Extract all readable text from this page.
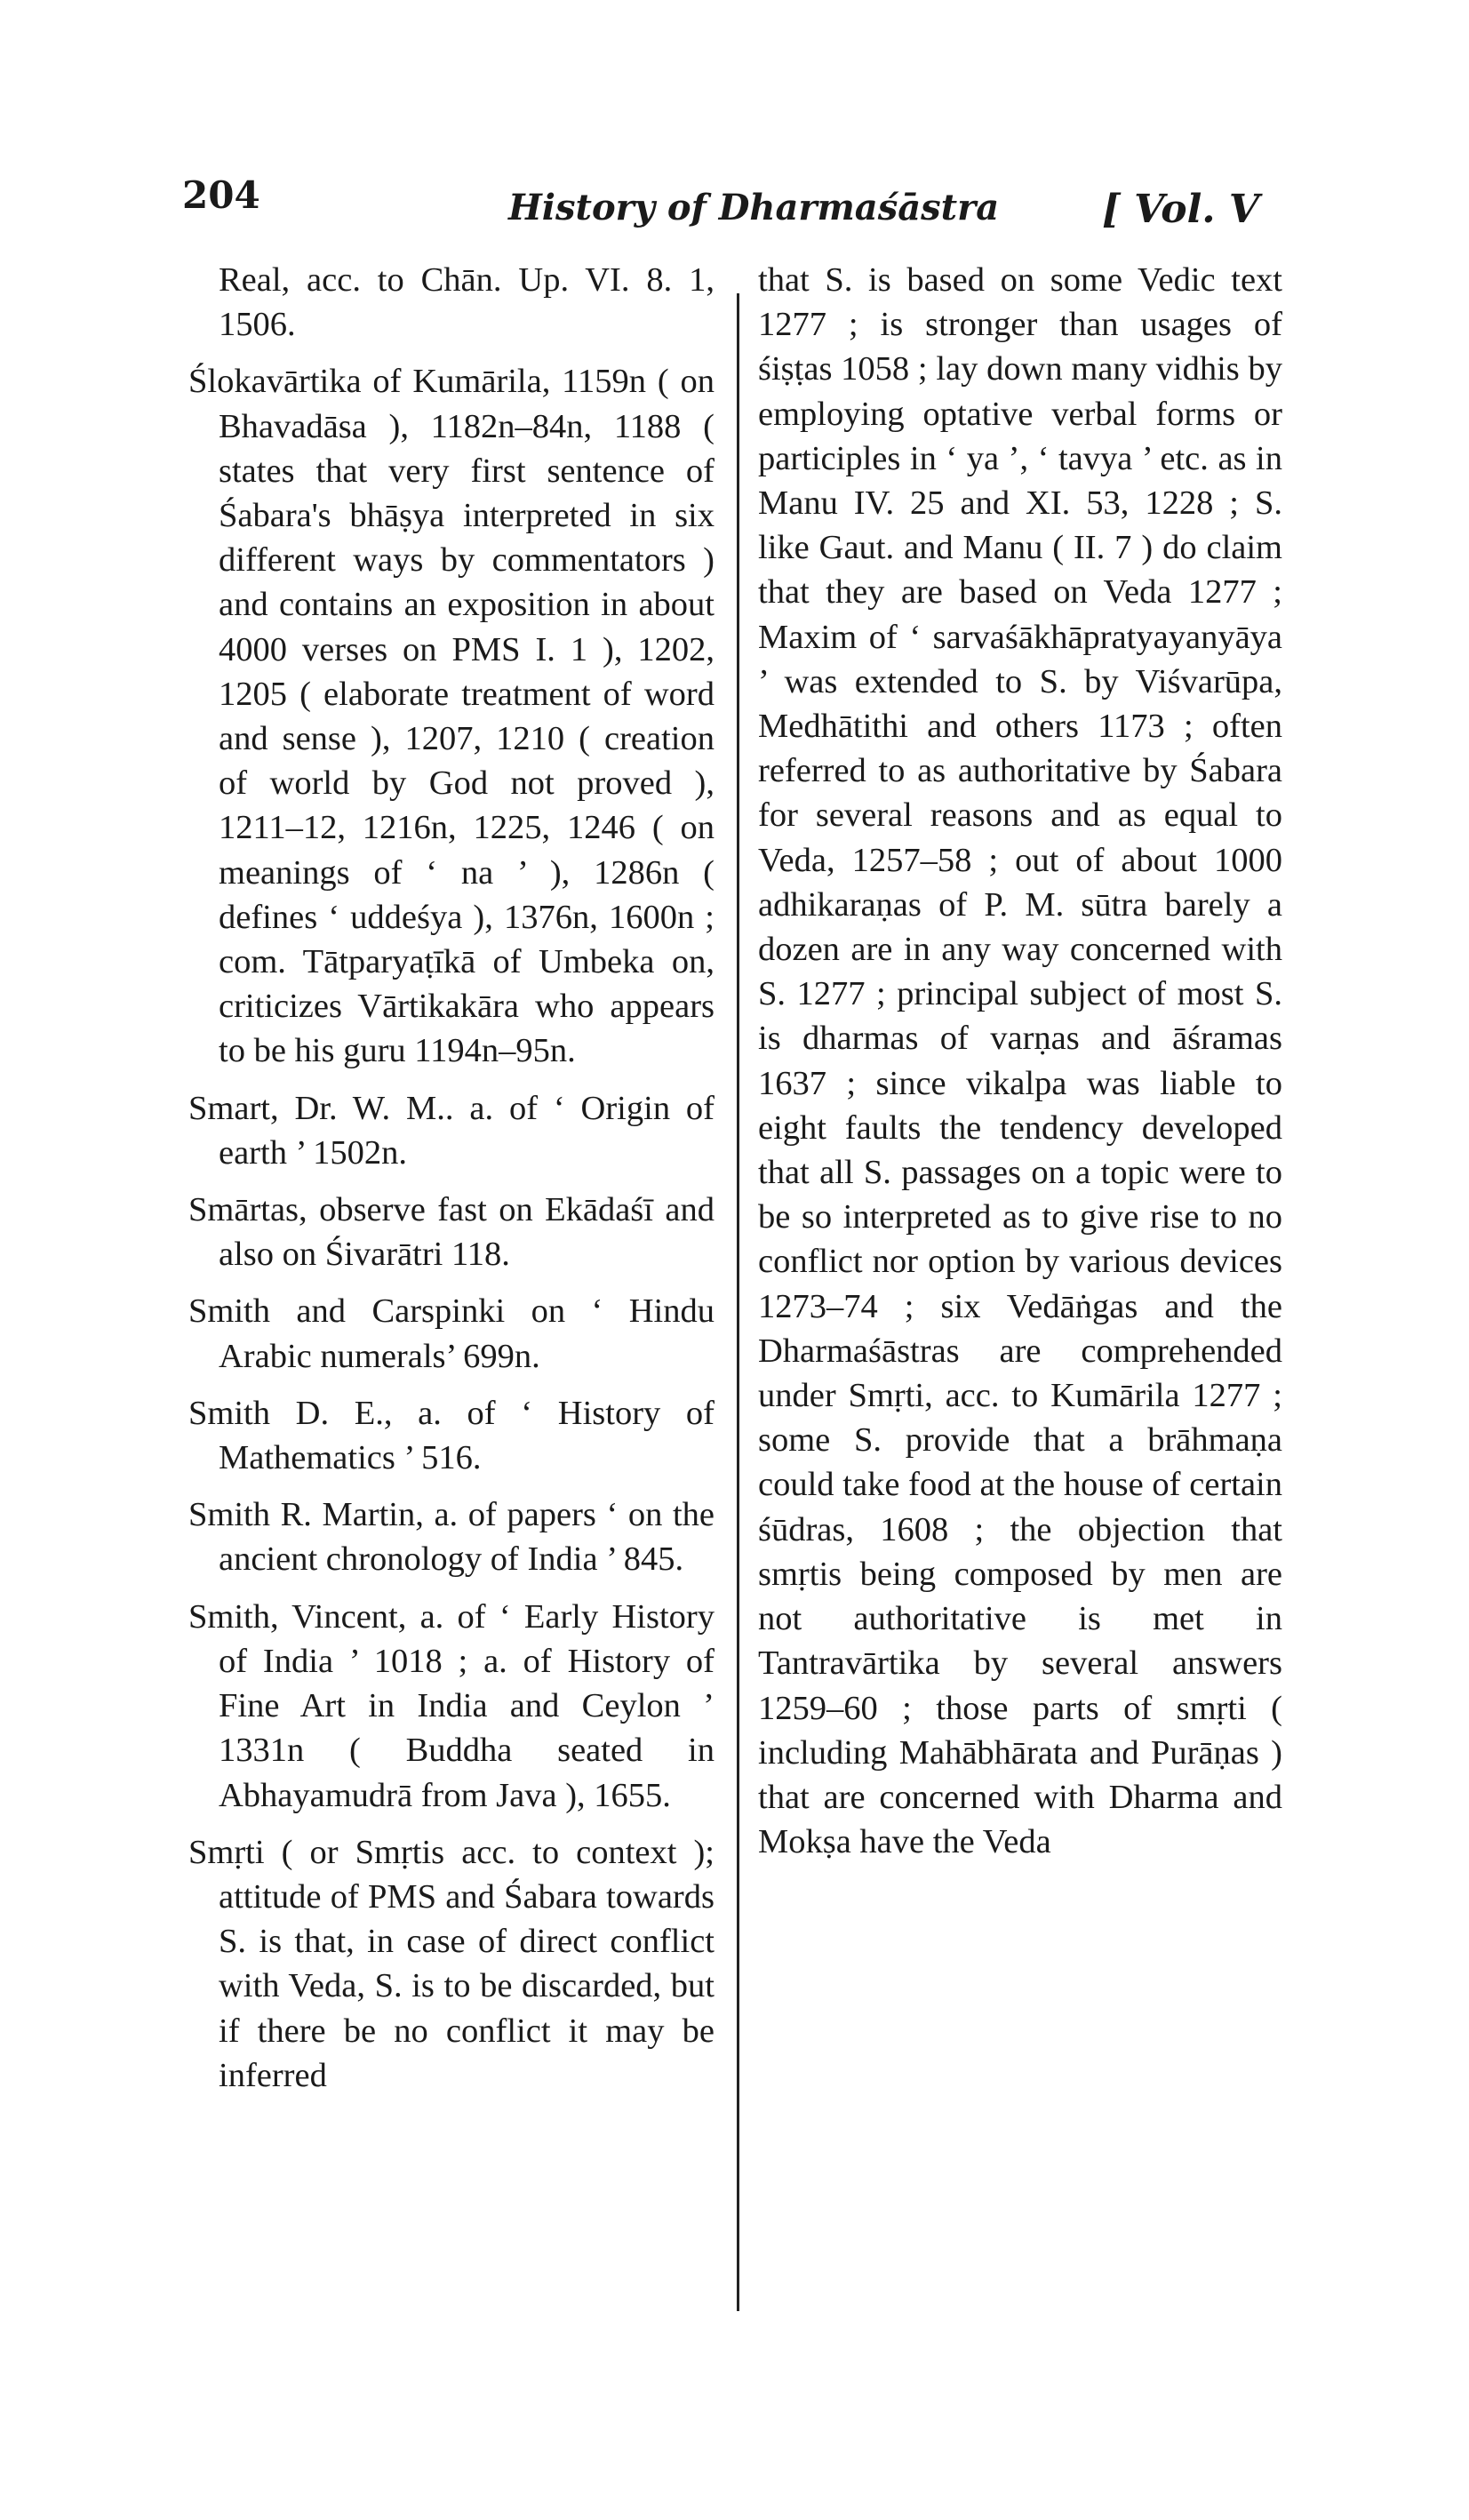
204	History of Dharmaśāstra	[ Vol. V

Real, acc. to Chān. Up. VI. 8. 1, 1506.

Ślokavārtika of Kumārila, 1159n ( on Bhavadāsa ), 1182n–84n, 1188 ( states that very first sentence of Śabara's bhāṣya interpreted in six different ways by commentators ) and contains an exposition in about 4000 verses on PMS I. 1 ), 1202, 1205 ( elaborate treatment of word and sense ), 1207, 1210 ( creation of world by God not proved ), 1211–12, 1216n, 1225, 1246 ( on meanings of ‘ na ’ ), 1286n ( defines ‘ uddeśya ), 1376n, 1600n ; com. Tātparyaṭīkā of Umbeka on, criticizes Vārtikakāra who appears to be his guru 1194n–95n.

Smart, Dr. W. M.. a. of ‘ Origin of earth ’ 1502n.

Smārtas, observe fast on Ekādaśī and also on Śivarātri 118.

Smith and Carspinki on ‘ Hindu Arabic numerals’ 699n.

Smith D. E., a. of ‘ History of Mathematics ’ 516.

Smith R. Martin, a. of papers ‘ on the ancient chronology of India ’ 845.

Smith, Vincent, a. of ‘ Early History of India ’ 1018 ; a. of History of Fine Art in India and Ceylon ’ 1331n ( Buddha seated in Abhayamudrā from Java ), 1655.

Smṛti ( or Smṛtis acc. to context ); attitude of PMS and Śabara towards S. is that, in case of direct conflict with Veda, S. is to be discarded, but if there be no conflict it may be inferred

that S. is based on some Vedic text 1277 ; is stronger than usages of śiṣṭas 1058 ; lay down many vidhis by employing optative verbal forms or participles in ‘ ya ’, ‘ tavya ’ etc. as in Manu IV. 25 and XI. 53, 1228 ; S. like Gaut. and Manu ( II. 7 ) do claim that they are based on Veda 1277 ; Maxim of ‘ sarvaśākhāpratyayanyāya ’ was extended to S. by Viśvarūpa, Medhātithi and others 1173 ; often referred to as authoritative by Śabara for several reasons and as equal to Veda, 1257–58 ; out of about 1000 adhikaraṇas of P. M. sūtra barely a dozen are in any way concerned with S. 1277 ; principal subject of most S. is dharmas of varṇas and āśramas 1637 ; since vikalpa was liable to eight faults the tendency developed that all S. passages on a topic were to be so interpreted as to give rise to no conflict nor option by various devices 1273–74 ; six Vedāṅgas and the Dharmaśāstras are comprehended under Smṛti, acc. to Kumārila 1277 ; some S. provide that a brāhmaṇa could take food at the house of certain śūdras, 1608 ; the objection that smṛtis being composed by men are not authoritative is met in Tantravārtika by several answers 1259–60 ; those parts of smṛti ( including Mahābhārata and Purāṇas ) that are concerned with Dharma and Mokṣa have the Veda
